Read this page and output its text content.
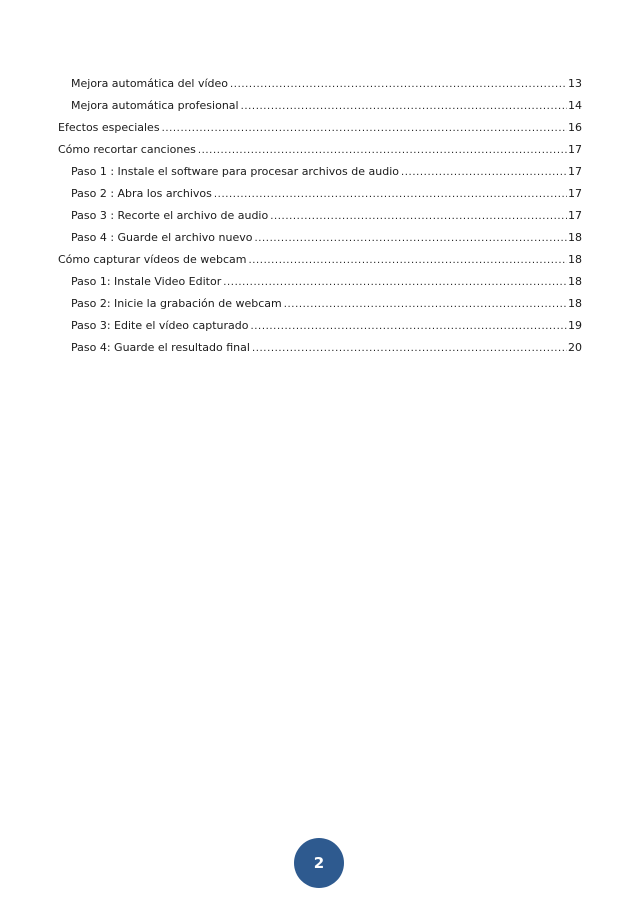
Mejora automática del vídeo .....	13
Mejora automática profesional .....	14
Efectos especiales .....	16
Cómo recortar canciones .....	17
Paso 1 : Instale el software para procesar archivos de audio .....	17
Paso 2 : Abra los archivos .....	17
Paso 3 : Recorte el archivo de audio .....	17
Paso 4 : Guarde el archivo nuevo .....	18
Cómo capturar vídeos de webcam .....	18
Paso 1: Instale Video Editor .....	18
Paso 2: Inicie la grabación de webcam .....	18
Paso 3: Edite el vídeo capturado .....	19
Paso 4: Guarde el resultado final .....	20
2
